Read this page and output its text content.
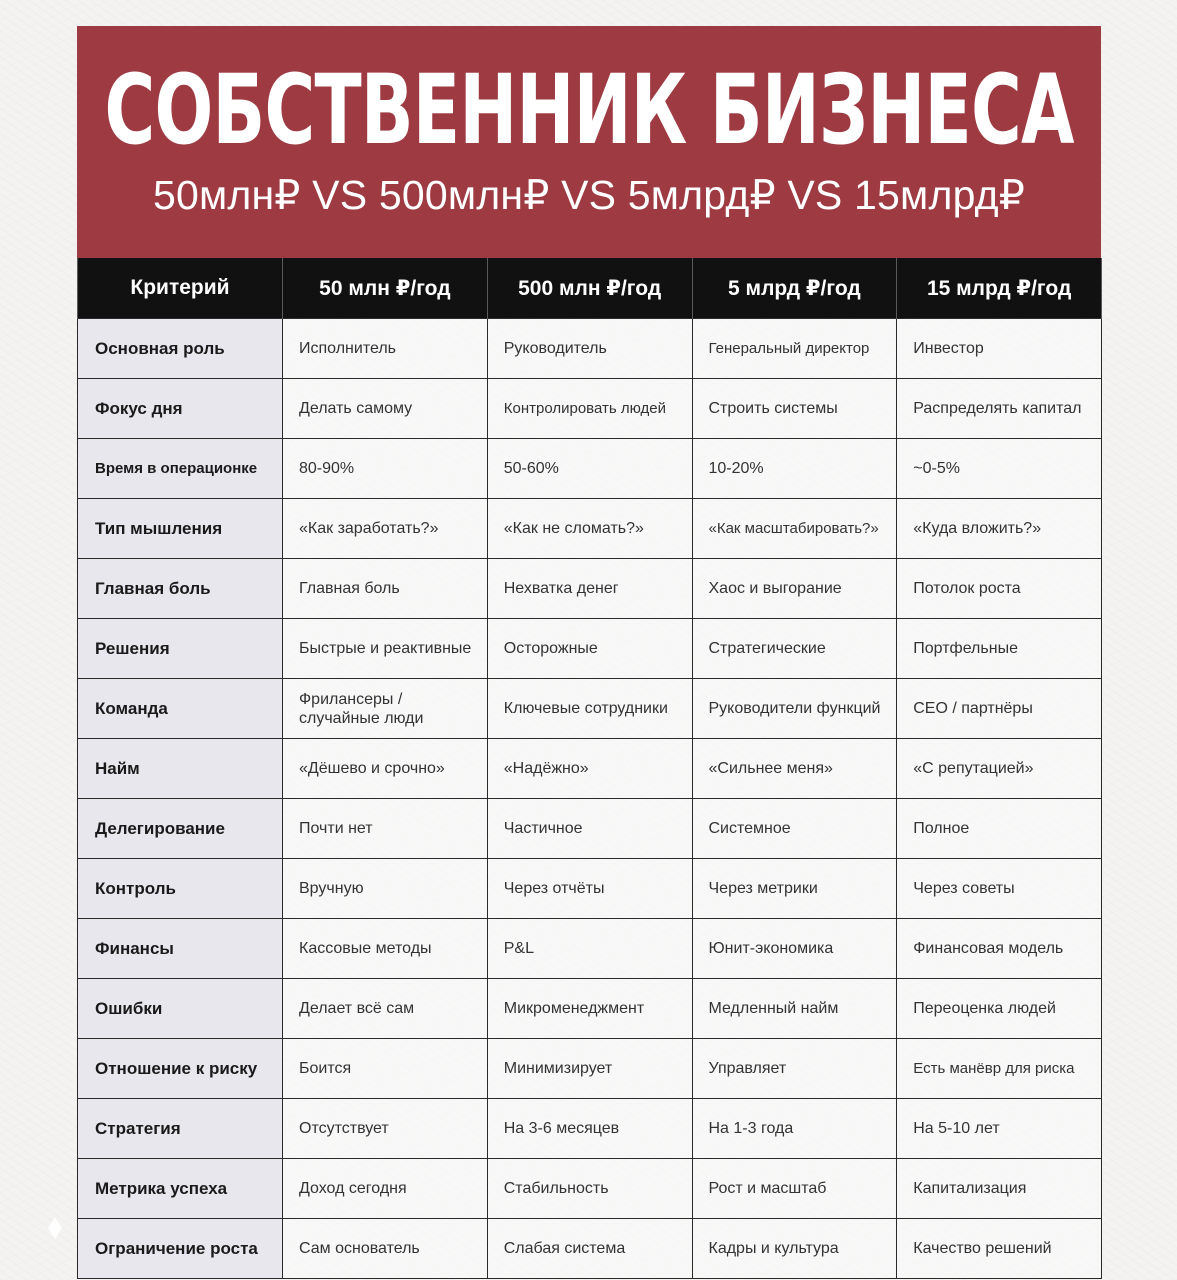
СОБСТВЕННИК БИЗНЕСА
50млн₽ VS 500млн₽ VS 5млрд₽ VS 15млрд₽
Критерий	50 млн ₽/год	500 млн ₽/год	5 млрд ₽/год	15 млрд ₽/год

Основная роль	Исполнитель	Руководитель	Генеральный директор	Инвестор

Фокус дня	Делать самому	Контролировать людей	Строить системы	Распределять капитал

Время в операционке	80-90%	50-60%	10-20%	~0-5%

Тип мышления	«Как заработать?»	«Как не сломать?»	«Как масштабировать?»	«Куда вложить?»

Главная боль	Главная боль	Нехватка денег	Хаос и выгорание	Потолок роста

Решения	Быстрые и реактивные	Осторожные	Стратегические	Портфельные

Команда	Фрилансеры / случайные люди	Ключевые сотрудники	Руководители функций	CEO / партнёры

Найм	«Дёшево и срочно»	«Надёжно»	«Сильнее меня»	«С репутацией»

Делегирование	Почти нет	Частичное	Системное	Полное

Контроль	Вручную	Через отчёты	Через метрики	Через советы

Финансы	Кассовые методы	P&L	Юнит-экономика	Финансовая модель

Ошибки	Делает всё сам	Микроменеджмент	Медленный найм	Переоценка людей

Отношение к риску	Боится	Минимизирует	Управляет	Есть манёвр для риска

Стратегия	Отсутствует	На 3-6 месяцев	На 1-3 года	На 5-10 лет

Метрика успеха	Доход сегодня	Стабильность	Рост и масштаб	Капитализация

Ограничение роста	Сам основатель	Слабая система	Кадры и культура	Качество решений
